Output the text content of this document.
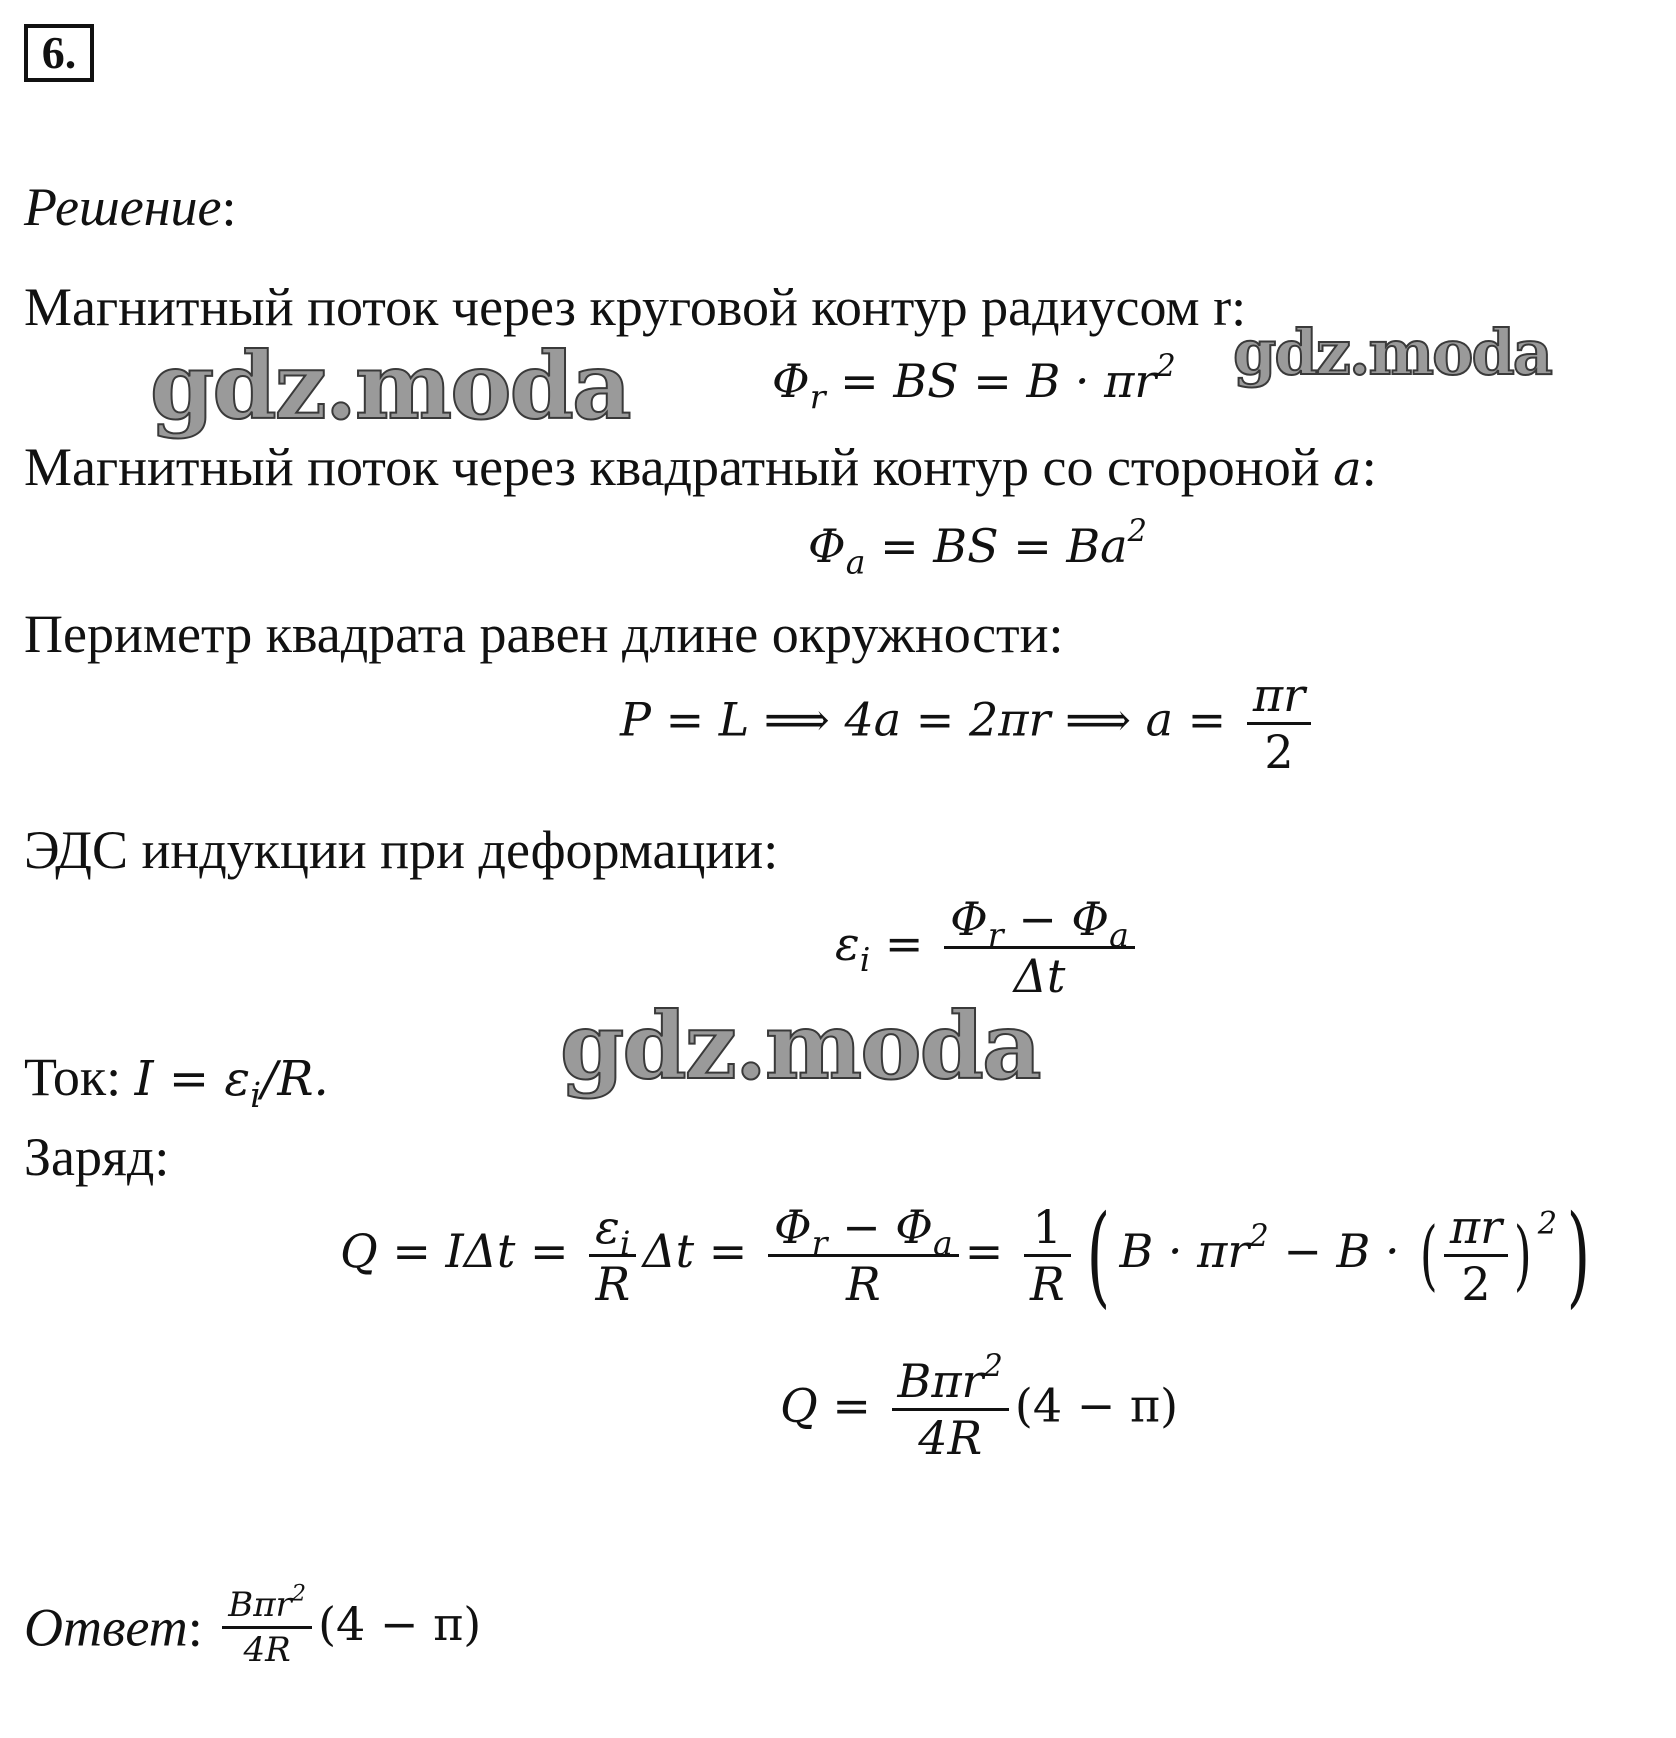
6.
Решение:
Магнитный поток через круговой контур радиусом r:
$\Phi_r$ = BS = $B \cdot \pi r^2$
Магнитный поток через квадратный контур со стороной a:
$\Phi_a$ = BS = $Ba^2$
Периметр квадрата равен длине окружности:
P = L ⟹ 4a = 2πr ⟹ $a = \frac{\pi r}{2}$
ЭДС индукции при деформации:
$\varepsilon_i = \frac{\Phi_r - \Phi_a}{\Delta t}$
Ток: $I = \varepsilon_i/R$.
Заряд:
$Q = I\Delta t = \frac{\varepsilon_i}{R}$ $\Delta t = \frac{\Phi_r - \Phi_a}{R} = \frac{1}{R}$ ( $B \cdot \pi r^2 - B$ · ( $\frac{\pi r}{2}$ ) $^2$)
$Q = \frac{B\pi r^2}{4R} (4 - \pi)$
Ответ: $\frac{B\pi r^2}{4R} (4 - \pi)$
gdz.moda	gdz.moda
gdz.moda
